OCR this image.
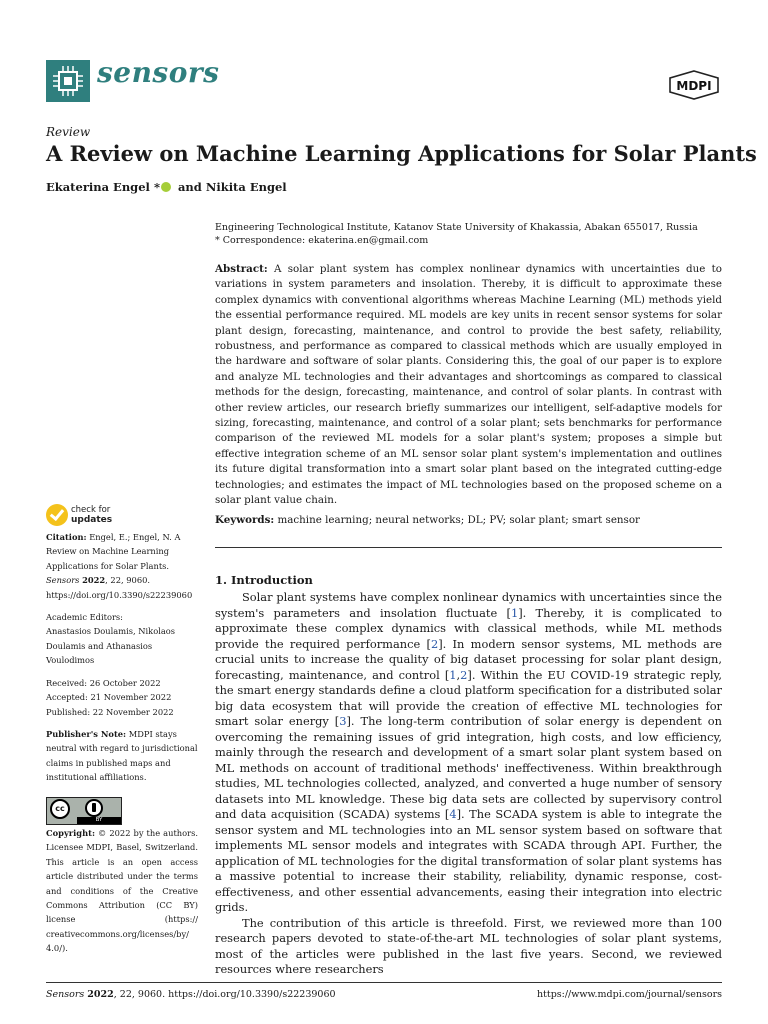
sensors	MDPI
Review
A Review on Machine Learning Applications for Solar Plants
Ekaterina Engel * and Nikita Engel
Engineering Technological Institute, Katanov State University of Khakassia, Abakan 655017, Russia
* Correspondence: ekaterina.en@gmail.com
Abstract: A solar plant system has complex nonlinear dynamics with uncertainties due to variations in system parameters and insolation. Thereby, it is difficult to approximate these complex dynamics with conventional algorithms whereas Machine Learning (ML) methods yield the essential performance required. ML models are key units in recent sensor systems for solar plant design, forecasting, maintenance, and control to provide the best safety, reliability, robustness, and performance as compared to classical methods which are usually employed in the hardware and software of solar plants. Considering this, the goal of our paper is to explore and analyze ML technologies and their advantages and shortcomings as compared to classical methods for the design, forecasting, maintenance, and control of solar plants. In contrast with other review articles, our research briefly summarizes our intelligent, self-adaptive models for sizing, forecasting, maintenance, and control of a solar plant; sets benchmarks for performance comparison of the reviewed ML models for a solar plant's system; proposes a simple but effective integration scheme of an ML sensor solar plant system's implementation and outlines its future digital transformation into a smart solar plant based on the integrated cutting-edge technologies; and estimates the impact of ML technologies based on the proposed scheme on a solar plant value chain.
Keywords: machine learning; neural networks; DL; PV; solar plant; smart sensor
1. Introduction

Solar plant systems have complex nonlinear dynamics with uncertainties since the system's parameters and insolation fluctuate [1]. Thereby, it is complicated to approximate these complex dynamics with classical methods, while ML methods provide the required performance [2]. In modern sensor systems, ML methods are crucial units to increase the quality of big dataset processing for solar plant design, forecasting, maintenance, and control [1,2]. Within the EU COVID-19 strategic reply, the smart energy standards define a cloud platform specification for a distributed solar big data ecosystem that will provide the creation of effective ML technologies for smart solar energy [3]. The long-term contribution of solar energy is dependent on overcoming the remaining issues of grid integration, high costs, and low efficiency, mainly through the research and development of a smart solar plant system based on ML methods on account of traditional methods' ineffectiveness. Within breakthrough studies, ML technologies collected, analyzed, and converted a huge number of sensory datasets into ML knowledge. These big data sets are collected by supervisory control and data acquisition (SCADA) systems [4]. The SCADA system is able to integrate the sensor system and ML technologies into an ML sensor system based on software that implements ML sensor models and integrates with SCADA through API. Further, the application of ML technologies for the digital transformation of solar plant systems has a massive potential to increase their stability, reliability, dynamic response, cost-effectiveness, and other essential advancements, easing their integration into electric grids.

The contribution of this article is threefold. First, we reviewed more than 100 research papers devoted to state-of-the-art ML technologies of solar plant systems, most of the articles were published in the last five years. Second, we reviewed resources where researchers

check for
updates
Citation: Engel, E.; Engel, N. A Review on Machine Learning Applications for Solar Plants. Sensors 2022, 22, 9060. https://doi.org/10.3390/s22239060
Academic Editors:
Anastasios Doulamis, Nikolaos Doulamis and Athanasios Voulodimos
Received: 26 October 2022
Accepted: 21 November 2022
Published: 22 November 2022
Publisher's Note: MDPI stays neutral with regard to jurisdictional claims in published maps and institutional affiliations.
cc
BY
Copyright: © 2022 by the authors. Licensee MDPI, Basel, Switzerland. This article is an open access article distributed under the terms and conditions of the Creative Commons Attribution (CC BY) license (https:// creativecommons.org/licenses/by/ 4.0/).
Sensors 2022, 22, 9060. https://doi.org/10.3390/s22239060	https://www.mdpi.com/journal/sensors
